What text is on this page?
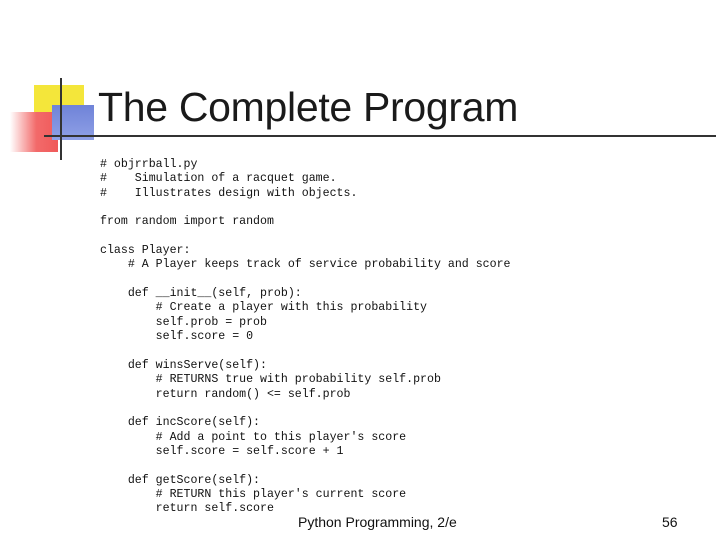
The Complete Program
# objrrball.py
#    Simulation of a racquet game.
#    Illustrates design with objects.

from random import random

class Player:
# A Player keeps track of service probability and score

def __init__(self, prob):
# Create a player with this probability
self.prob = prob
self.score = 0

def winsServe(self):
# RETURNS true with probability self.prob
return random() <= self.prob

def incScore(self):
# Add a point to this player's score
self.score = self.score + 1

def getScore(self):
# RETURN this player's current score
return self.score
Python Programming, 2/e	56
